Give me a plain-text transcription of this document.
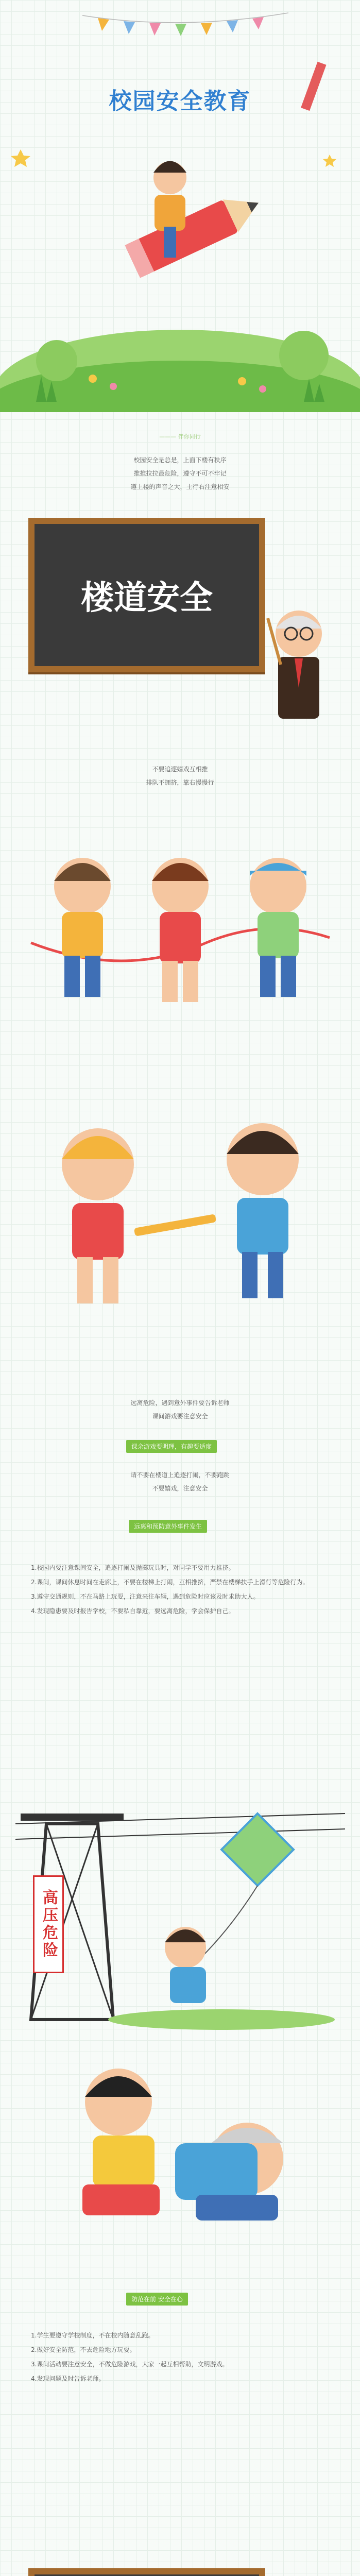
校园安全教育
——— 伴你同行
校园安全是总是，上面下楼有秩序
推推拉拉最危险，遵守不可不牢记
遵上楼的声音之大，土行右注意相安
楼道安全
不要追逐嬉戏互相推
排队不拥挤，靠右慢慢行
远离危险，遇到意外事件要告诉老师
课间游戏要注意安全
课余游戏要明理，有趣要适度
请不要在楼道上追逐打闹，不要跑跳
不要嬉戏，注意安全
远离和预防意外事件发生

1.校园内要注意课间安全，追逐打闹及抛掷玩具时，对同学不要用力推挤。

2.课间，课间休息时间在走廊上，不要在楼梯上打闹，互相推挤，严禁在楼梯扶手上滑行等危险行为。

3.遵守交通规则，不在马路上玩耍，注意来往车辆，遇到危险时应该及时求助大人。

4.发现隐患要及时报告学校，不要私自靠近，要远离危险，学会保护自己。

高压危险
防范在前 安全在心

1.学生要遵守学校制度，不在校内随意乱跑。

2.做好安全防范，不去危险地方玩耍。

3.课间活动要注意安全，不做危险游戏，大家一起互相帮助，文明游戏。

4.发现问题及时告诉老师。
